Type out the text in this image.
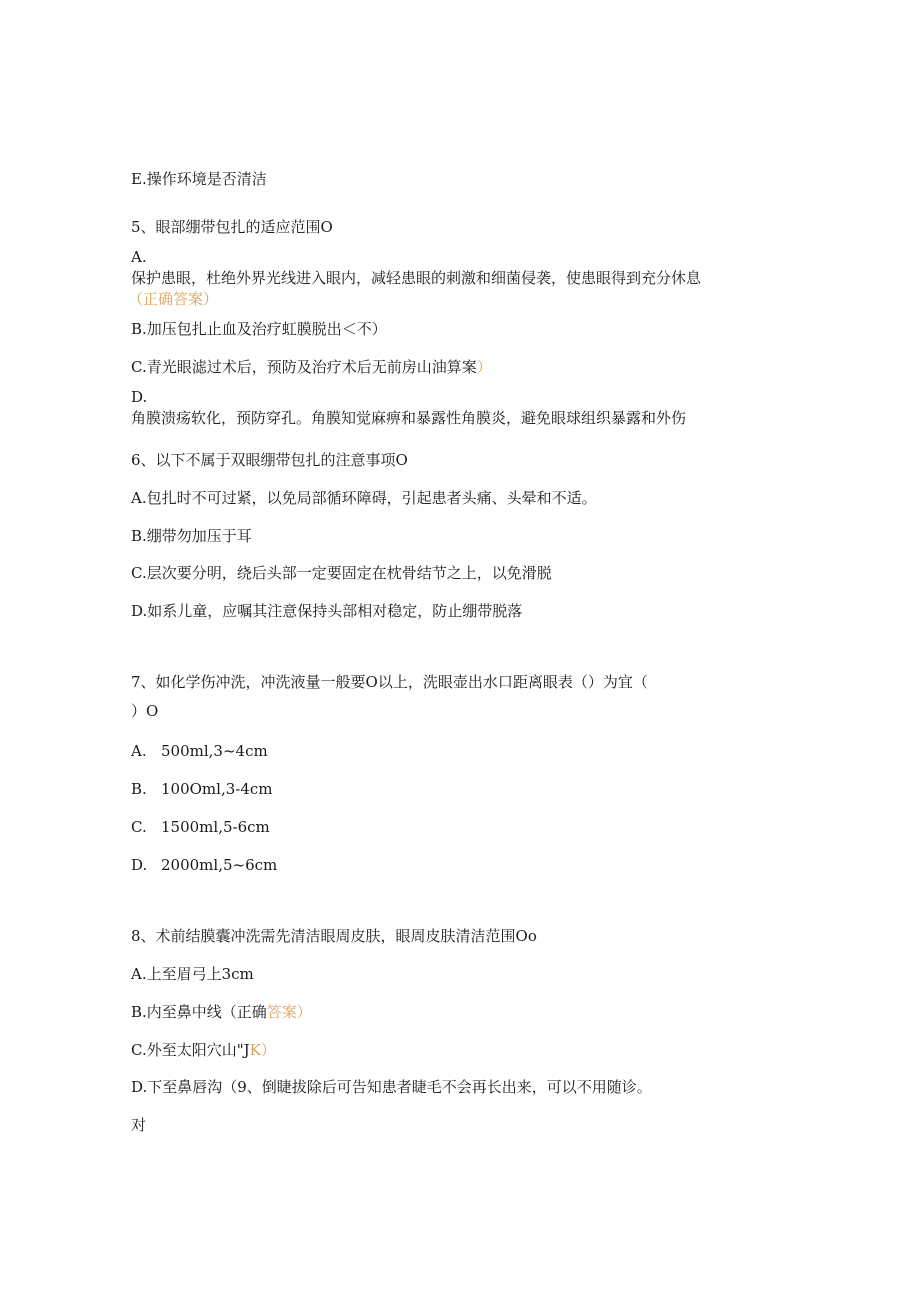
E.操作环境是否清洁
5、眼部绷带包扎的适应范围O
A.
保护患眼，杜绝外界光线进入眼内，减轻患眼的刺激和细菌侵袭，使患眼得到充分休息
（正确答案）
B.加压包扎止血及治疗虹膜脱出＜不）
C.青光眼滤过术后，预防及治疗术后无前房山油算案）
D.
角膜溃疡软化，预防穿孔。角膜知觉麻痹和暴露性角膜炎，避免眼球组织暴露和外伤
6、以下不属于双眼绷带包扎的注意事项O
A.包扎时不可过紧，以免局部循环障碍，引起患者头痛、头晕和不适。
B.绷带勿加压于耳
C.层次要分明，绕后头部一定要固定在枕骨结节之上，以免滑脱
D.如系儿童，应嘱其注意保持头部相对稳定，防止绷带脱落
7、如化学伤冲洗，冲洗液量一般要O以上，洗眼壶出水口距离眼表（）为宜（
）O
A. 500ml,3~4cm
B. 100Oml,3-4cm
C. 1500ml,5-6cm
D. 2000ml,5~6cm
8、术前结膜囊冲洗需先清洁眼周皮肤，眼周皮肤清洁范围Oo
A.上至眉弓上3cm
B.内至鼻中线（正确答案）
C.外至太阳穴山"JK）
D.下至鼻唇沟（9、倒睫拔除后可告知患者睫毛不会再长出来，可以不用随诊。
对
